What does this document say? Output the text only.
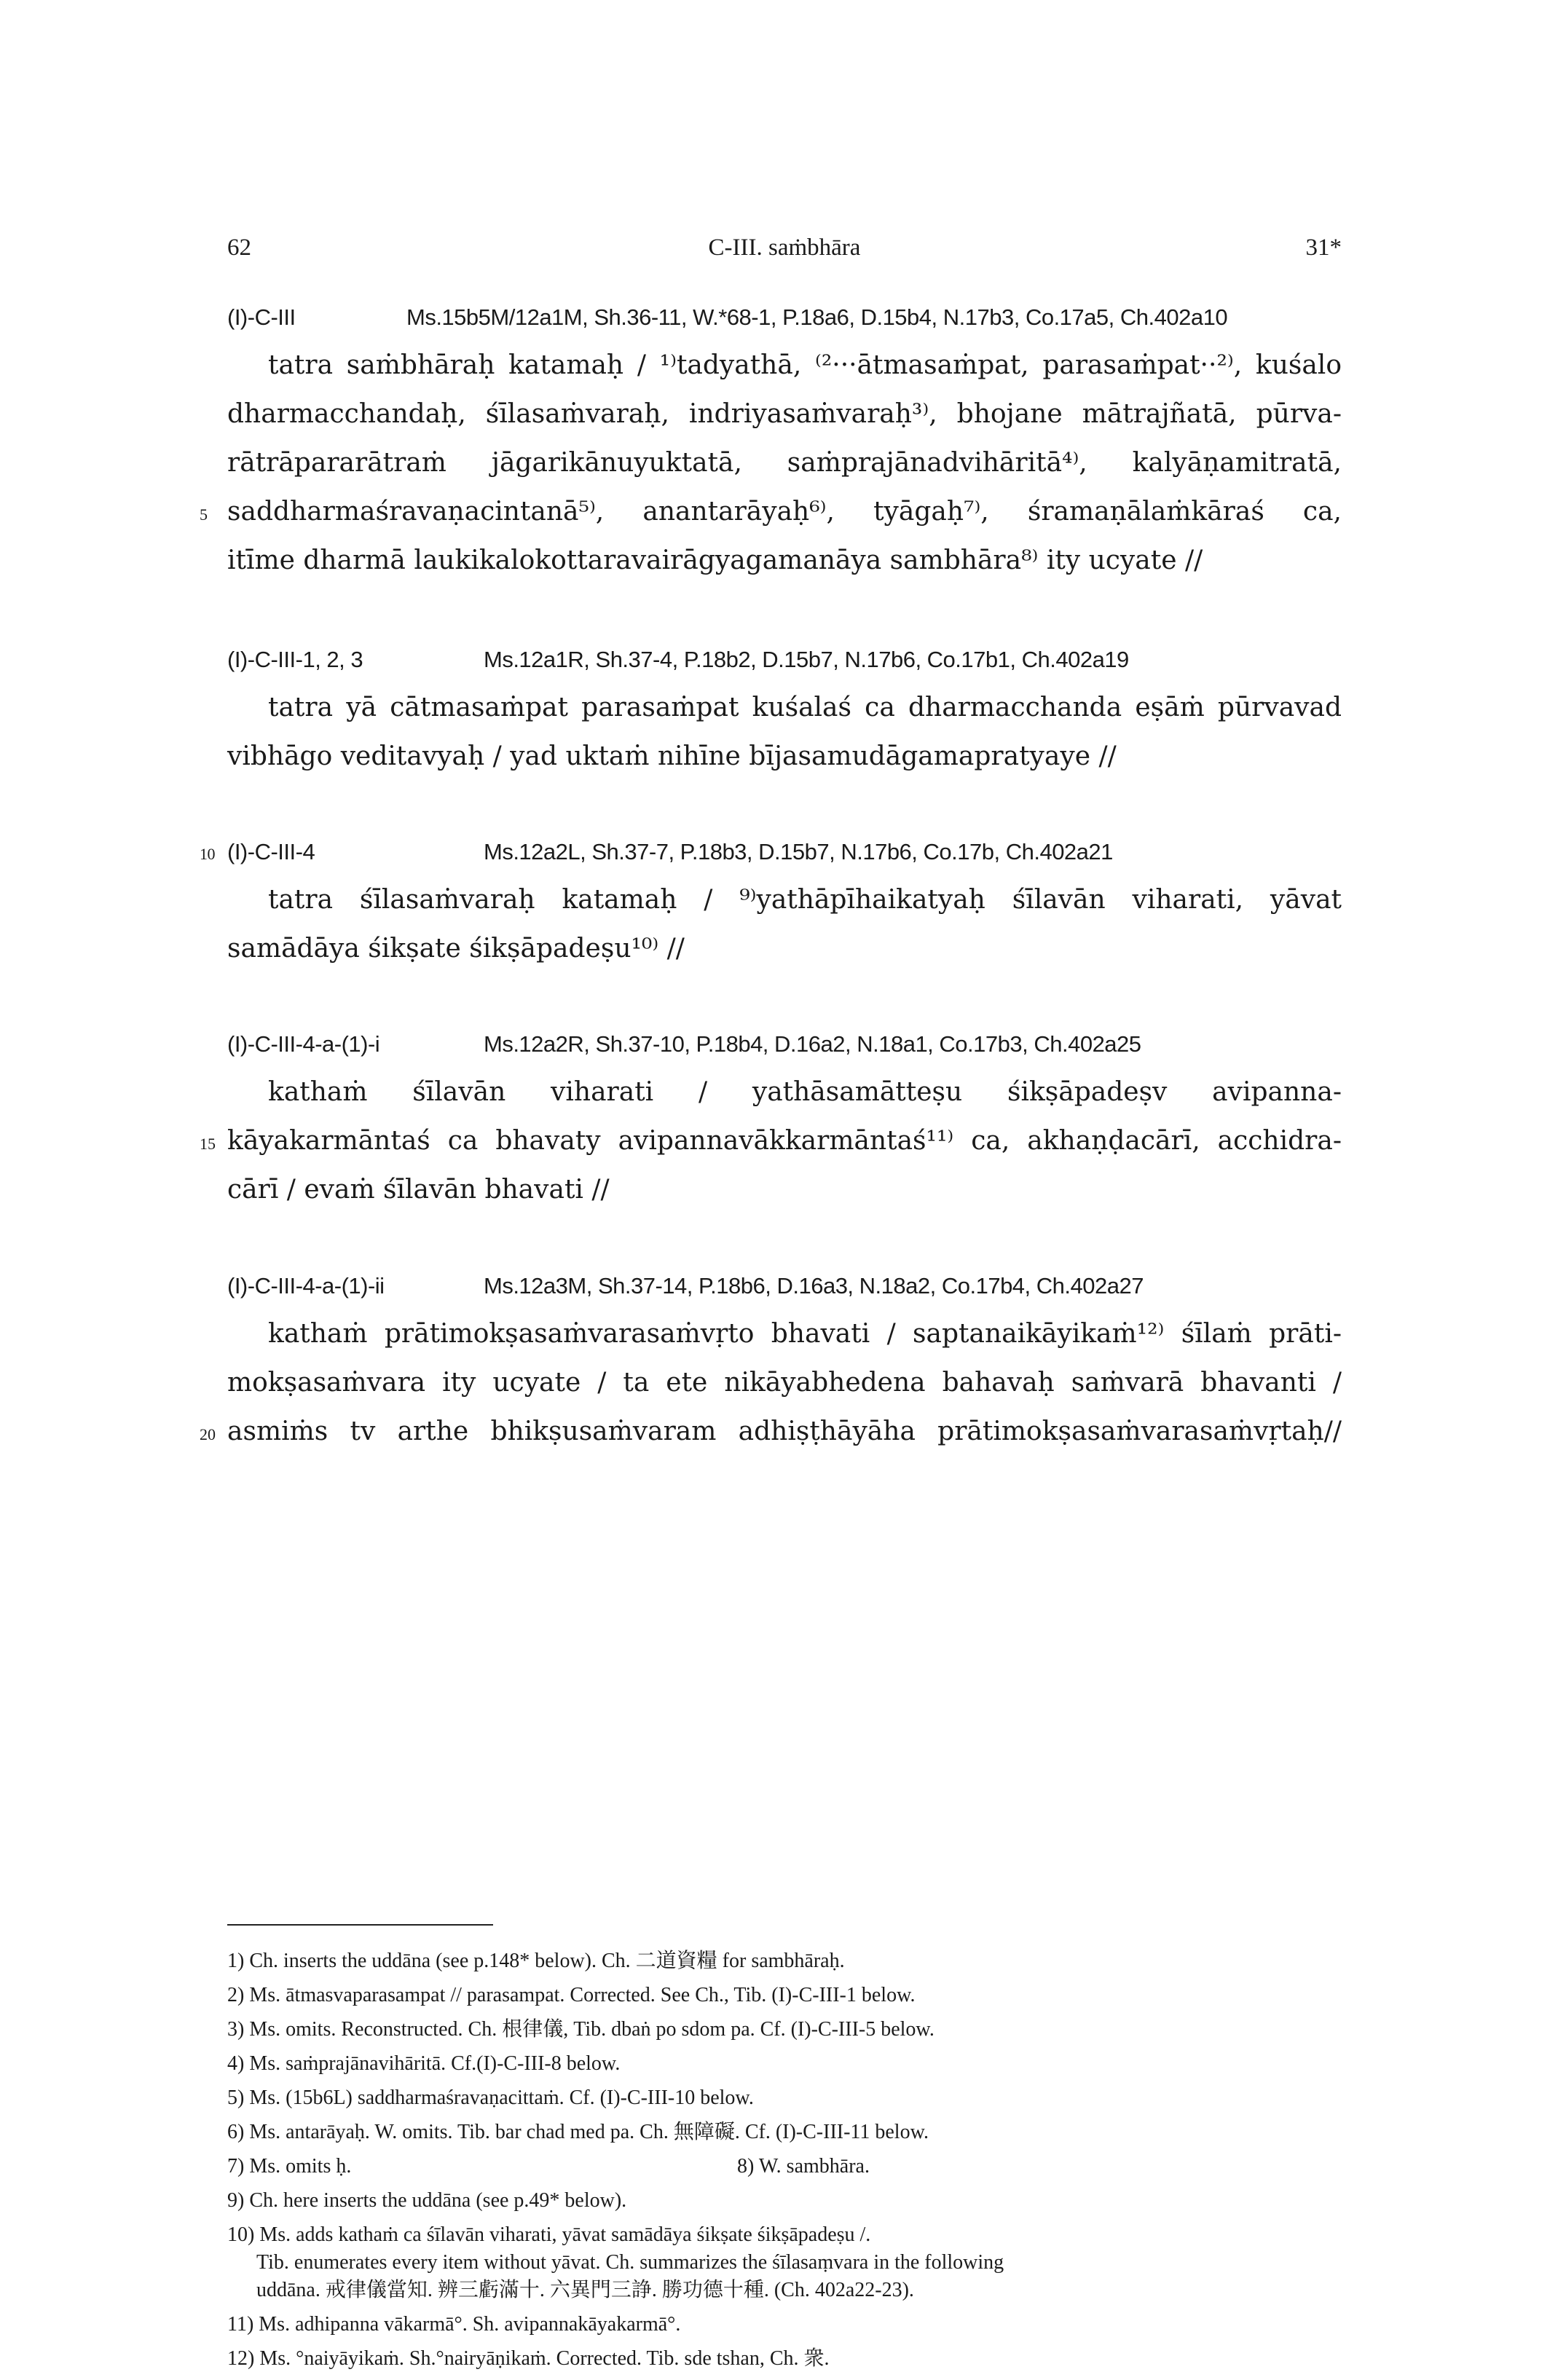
62	C-III. saṁbhāra	31*
(I)-C-III	Ms.15b5M/12a1M, Sh.36-11, W.*68-1, P.18a6, D.15b4, N.17b3, Co.17a5, Ch.402a10
tatra saṁbhāraḥ katamaḥ / ¹⁾tadyathā, ⁽²···ātmasaṁpat, parasaṁpat··²⁾, kuśalo
dharmacchandaḥ, śīlasaṁvaraḥ, indriyasaṁvaraḥ³⁾, bhojane mātrajñatā, pūrva-
rātrāpararātraṁ jāgarikānuyuktatā, saṁprajānadvihāritā⁴⁾, kalyāṇamitratā,
5 saddharmaśravaṇacintanā⁵⁾, anantarāyaḥ⁶⁾, tyāgaḥ⁷⁾, śramaṇālaṁkāraś ca,
itīme dharmā laukikalokottaravairāgyagamanāya sambhāra⁸⁾ ity ucyate //
(I)-C-III-1, 2, 3	Ms.12a1R, Sh.37-4, P.18b2, D.15b7, N.17b6, Co.17b1, Ch.402a19
tatra yā cātmasaṁpat parasaṁpat kuśalaś ca dharmacchanda eṣāṁ pūrvavad
vibhāgo veditavyaḥ / yad uktaṁ nihīne bījasamudāgamapratyaye //
10 (I)-C-III-4	Ms.12a2L, Sh.37-7, P.18b3, D.15b7, N.17b6, Co.17b, Ch.402a21
tatra śīlasaṁvaraḥ katamaḥ / ⁹⁾yathāpīhaikatyaḥ śīlavān viharati, yāvat
samādāya śikṣate śikṣāpadeṣu¹⁰⁾ //
(I)-C-III-4-a-(1)-i	Ms.12a2R, Sh.37-10, P.18b4, D.16a2, N.18a1, Co.17b3, Ch.402a25
kathaṁ śīlavān viharati / yathāsamātteṣu śikṣāpadeṣv avipanna-
15 kāyakarmāntaś ca bhavaty avipannavākkarmāntaś¹¹⁾ ca, akhaṇḍacārī, acchidra-
cārī / evaṁ śīlavān bhavati //
(I)-C-III-4-a-(1)-ii	Ms.12a3M, Sh.37-14, P.18b6, D.16a3, N.18a2, Co.17b4, Ch.402a27
kathaṁ prātimokṣasaṁvarasaṁvṛto bhavati / saptanaikāyikaṁ¹²⁾ śīlaṁ prāti-
mokṣasaṁvara ity ucyate / ta ete nikāyabhedena bahavaḥ saṁvarā bhavanti /
20 asmiṁs tv arthe bhikṣusaṁvaram adhiṣṭhāyāha prātimokṣasaṁvarasaṁvṛtaḥ//
1) Ch. inserts the uddāna (see p.148* below). Ch. 二道資糧 for sambhāraḥ.
2) Ms. ātmasvaparasampat // parasampat. Corrected. See Ch., Tib. (I)-C-III-1 below.
3) Ms. omits. Reconstructed. Ch. 根律儀, Tib. dbaṅ po sdom pa. Cf. (I)-C-III-5 below.
4) Ms. saṁprajānavihāritā. Cf.(I)-C-III-8 below.
5) Ms. (15b6L) saddharmaśravaṇacittaṁ. Cf. (I)-C-III-10 below.
6) Ms. antarāyaḥ. W. omits. Tib. bar chad med pa. Ch. 無障礙. Cf. (I)-C-III-11 below.
7) Ms. omits ḥ.	8) W. sambhāra.
9) Ch. here inserts the uddāna (see p.49* below).
10) Ms. adds kathaṁ ca śīlavān viharati, yāvat samādāya śikṣate śikṣāpadeṣu /.
Tib. enumerates every item without yāvat. Ch. summarizes the śīlasaṃvara in the following
uddāna. 戒律儀當知. 辨三虧滿十. 六異門三諍. 勝功德十種. (Ch. 402a22-23).
11) Ms. adhipanna vākarmā°. Sh. avipannakāyakarmā°.
12) Ms. °naiyāyikaṁ. Sh.°nairyāṇikaṁ. Corrected. Tib. sde tshan, Ch. 衆.
